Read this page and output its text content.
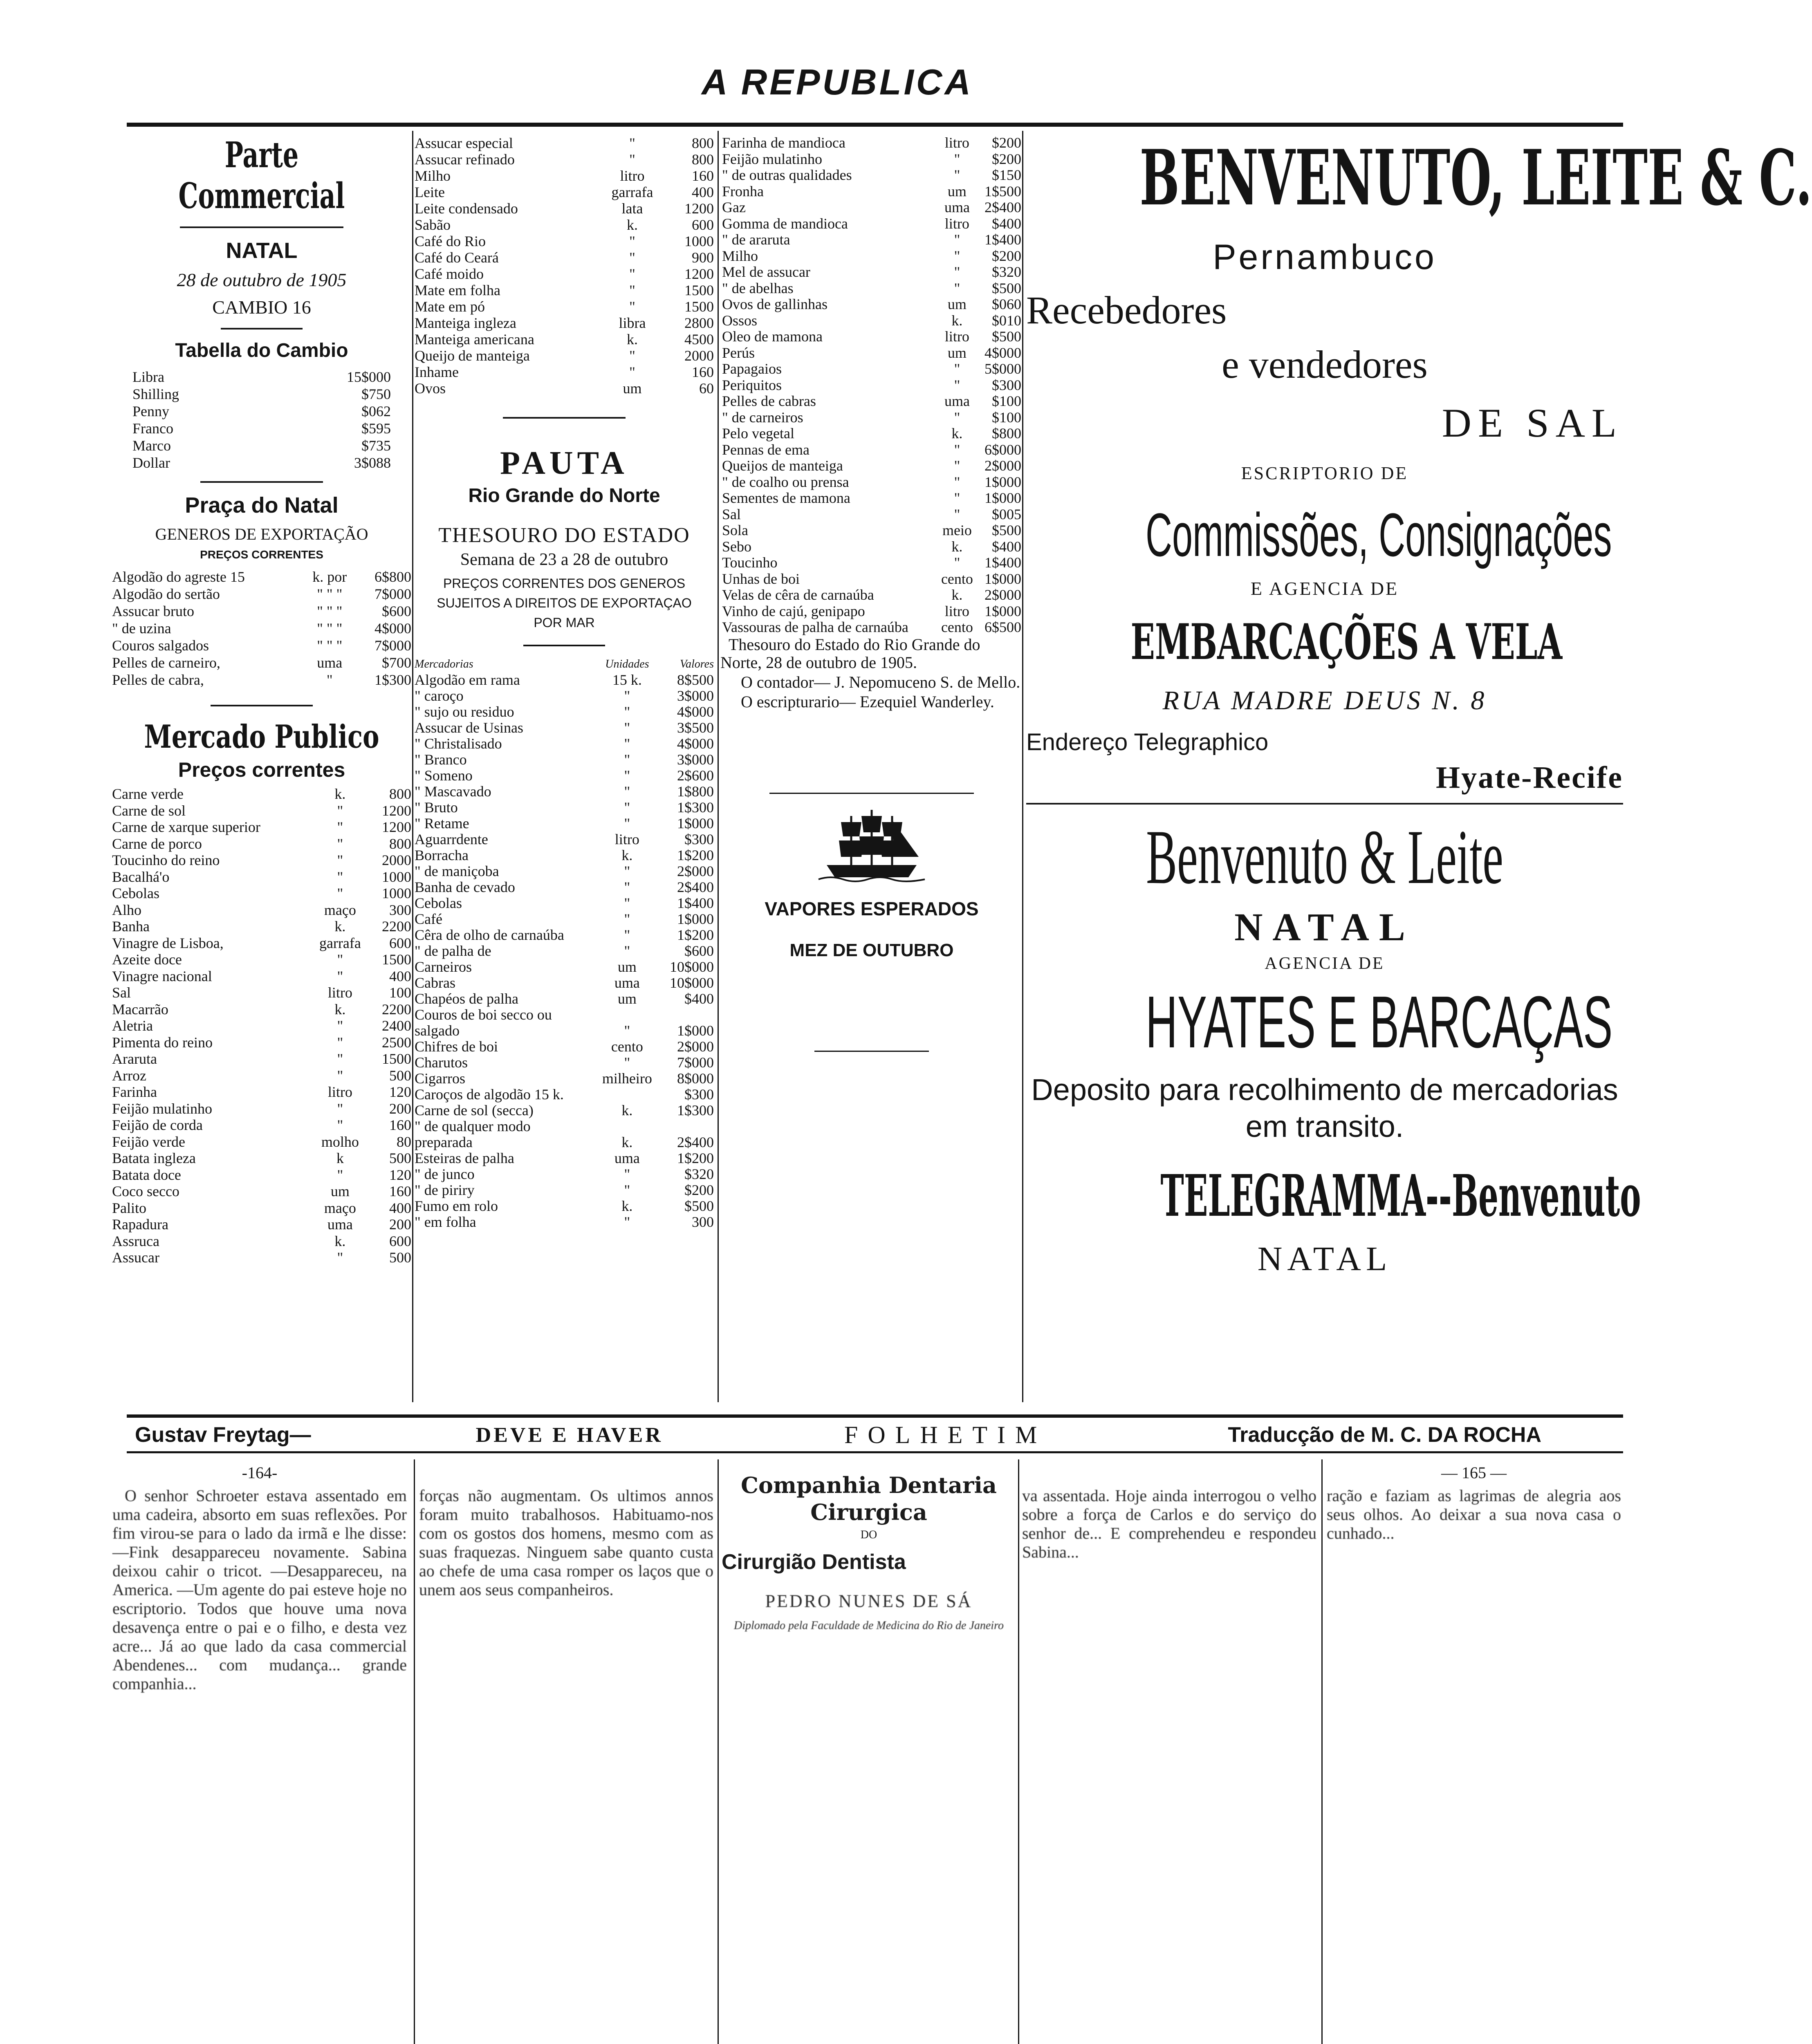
A REPUBLICA
Parte Commercial
NATAL
28 de outubro de 1905
CAMBIO 16
Tabella do Cambio
Libra	15$000
Shilling	$750
Penny	$062
Franco	$595
Marco	$735
Dollar	3$088
Praça do Natal
GENEROS DE EXPORTAÇÃO
PREÇOS CORRENTES
Algodão do agreste 15	k. por	6$800
Algodão do sertão	" " "	7$000
Assucar bruto	" " "	$600
" de uzina	" " "	4$000
Couros salgados	" " "	7$000
Pelles de carneiro,	uma	$700
Pelles de cabra,	"	1$300
Mercado Publico
Preços correntes
Carne verde	k.	800
Carne de sol	"	1200
Carne de xarque superior	"	1200
Carne de porco	"	800
Toucinho do reino	"	2000
Bacalhá'o	"	1000
Cebolas	"	1000
Alho	maço	300
Banha	k.	2200
Vinagre de Lisboa,	garrafa	600
Azeite doce	"	1500
Vinagre nacional	"	400
Sal	litro	100
Macarrão	k.	2200
Aletria	"	2400
Pimenta do reino	"	2500
Araruta	"	1500
Arroz	"	500
Farinha	litro	120
Feijão mulatinho	"	200
Feijão de corda	"	160
Feijão verde	molho	80
Batata ingleza	k	500
Batata doce	"	120
Coco secco	um	160
Palito	maço	400
Rapadura	uma	200
Assruca	k.	600
Assucar	"	500
Assucar especial	"	800
Assucar refinado	"	800
Milho	litro	160
Leite	garrafa	400
Leite condensado	lata	1200
Sabão	k.	600
Café do Rio	"	1000
Café do Ceará	"	900
Café moido	"	1200
Mate em folha	"	1500
Mate em pó	"	1500
Manteiga ingleza	libra	2800
Manteiga americana	k.	4500
Queijo de manteiga	"	2000
Inhame	"	160
Ovos	um	60
PAUTA
Rio Grande do Norte
THESOURO DO ESTADO
Semana de 23 a 28 de outubro
PREÇOS CORRENTES DOS GENEROS SUJEITOS A DIREITOS DE EXPORTAÇAO POR MAR
Mercadorias	Unidades	Valores
Algodão em rama	15 k.	8$500
" caroço	"	3$000
" sujo ou residuo	"	4$000
Assucar de Usinas	"	3$500
" Christalisado	"	4$000
" Branco	"	3$000
" Someno	"	2$600
" Mascavado	"	1$800
" Bruto	"	1$300
" Retame	"	1$000
Aguarrdente	litro	$300
Borracha	k.	1$200
" de maniçoba	"	2$000
Banha de cevado	"	2$400
Cebolas	"	1$400
Café	"	1$000
Cêra de olho de carnaúba	"	1$200
" de palha de	"	$600
Carneiros	um	10$000
Cabras	uma	10$000
Chapéos de palha	um	$400
Couros de boi secco ou		
salgado	"	1$000
Chifres de boi	cento	2$000
Charutos	"	7$000
Cigarros	milheiro	8$000
Caroços de algodão 15 k.		$300
Carne de sol (secca)	k.	1$300
" de qualquer modo		
preparada	k.	2$400
Esteiras de palha	uma	1$200
" de junco	"	$320
" de piriry	"	$200
Fumo em rolo	k.	$500
" em folha	"	300
Farinha de mandioca	litro	$200
Feijão mulatinho	"	$200
" de outras qualidades	"	$150
Fronha	um	1$500
Gaz	uma	2$400
Gomma de mandioca	litro	$400
" de araruta	"	1$400
Milho	"	$200
Mel de assucar	"	$320
" de abelhas	"	$500
Ovos de gallinhas	um	$060
Ossos	k.	$010
Oleo de mamona	litro	$500
Perús	um	4$000
Papagaios	"	5$000
Periquitos	"	$300
Pelles de cabras	uma	$100
" de carneiros	"	$100
Pelo vegetal	k.	$800
Pennas de ema	"	6$000
Queijos de manteiga	"	2$000
" de coalho ou prensa	"	1$000
Sementes de mamona	"	1$000
Sal	"	$005
Sola	meio	$500
Sebo	k.	$400
Toucinho	"	1$400
Unhas de boi	cento	1$000
Velas de cêra de carnaúba	k.	2$000
Vinho de cajú, genipapo	litro	1$000
Vassouras de palha de carnaúba	cento	6$500
Thesouro do Estado do Rio Grande do Norte, 28 de outubro de 1905.
O contador— J. Nepomuceno S. de Mello.
O escripturario— Ezequiel Wanderley.
VAPORES ESPERADOS
MEZ DE OUTUBRO
BENVENUTO, LEITE & C.
Pernambuco
Recebedores
e vendedores
DE SAL
ESCRIPTORIO DE
Commissões, Consignações
E AGENCIA DE
EMBARCAÇÕES A VELA
RUA MADRE DEUS N. 8
Endereço Telegraphico
Hyate-Recife
Benvenuto & Leite
NATAL
AGENCIA DE
HYATES E BARCAÇAS
Deposito para recolhimento de mercadorias em transito.
TELEGRAMMA--Benvenuto
NATAL
Gustav Freytag—	DEVE E HAVER	FOLHETIM	Traducção de M. C. DA ROCHA
-164-
O senhor Schroeter estava assentado em uma cadeira, absorto em suas reflexões. Por fim virou-se para o lado da irmã e lhe disse: —Fink desappareceu novamente. Sabina deixou cahir o tricot. —Desappareceu, na America. —Um agente do pai esteve hoje no escriptorio. Todos que houve uma nova desavença entre o pai e o filho, e desta vez acre... Já ao que lado da casa commercial Abendenes... com mudança... grande companhia...
forças não augmentam. Os ultimos annos foram muito trabalhosos. Habituamo-nos com os gostos dos homens, mesmo com as suas fraquezas. Ninguem sabe quanto custa ao chefe de uma casa romper os laços que o unem aos seus companheiros.
Companhia Dentaria Cirurgica
DO
Cirurgião Dentista
PEDRO NUNES DE SÁ
Diplomado pela Faculdade de Medicina do Rio de Janeiro
va assentada. Hoje ainda interrogou o velho sobre a força de Carlos e do serviço do senhor de... E comprehendeu e respondeu Sabina...
— 165 —
ração e faziam as lagrimas de alegria aos seus olhos. Ao deixar a sua nova casa o cunhado...
